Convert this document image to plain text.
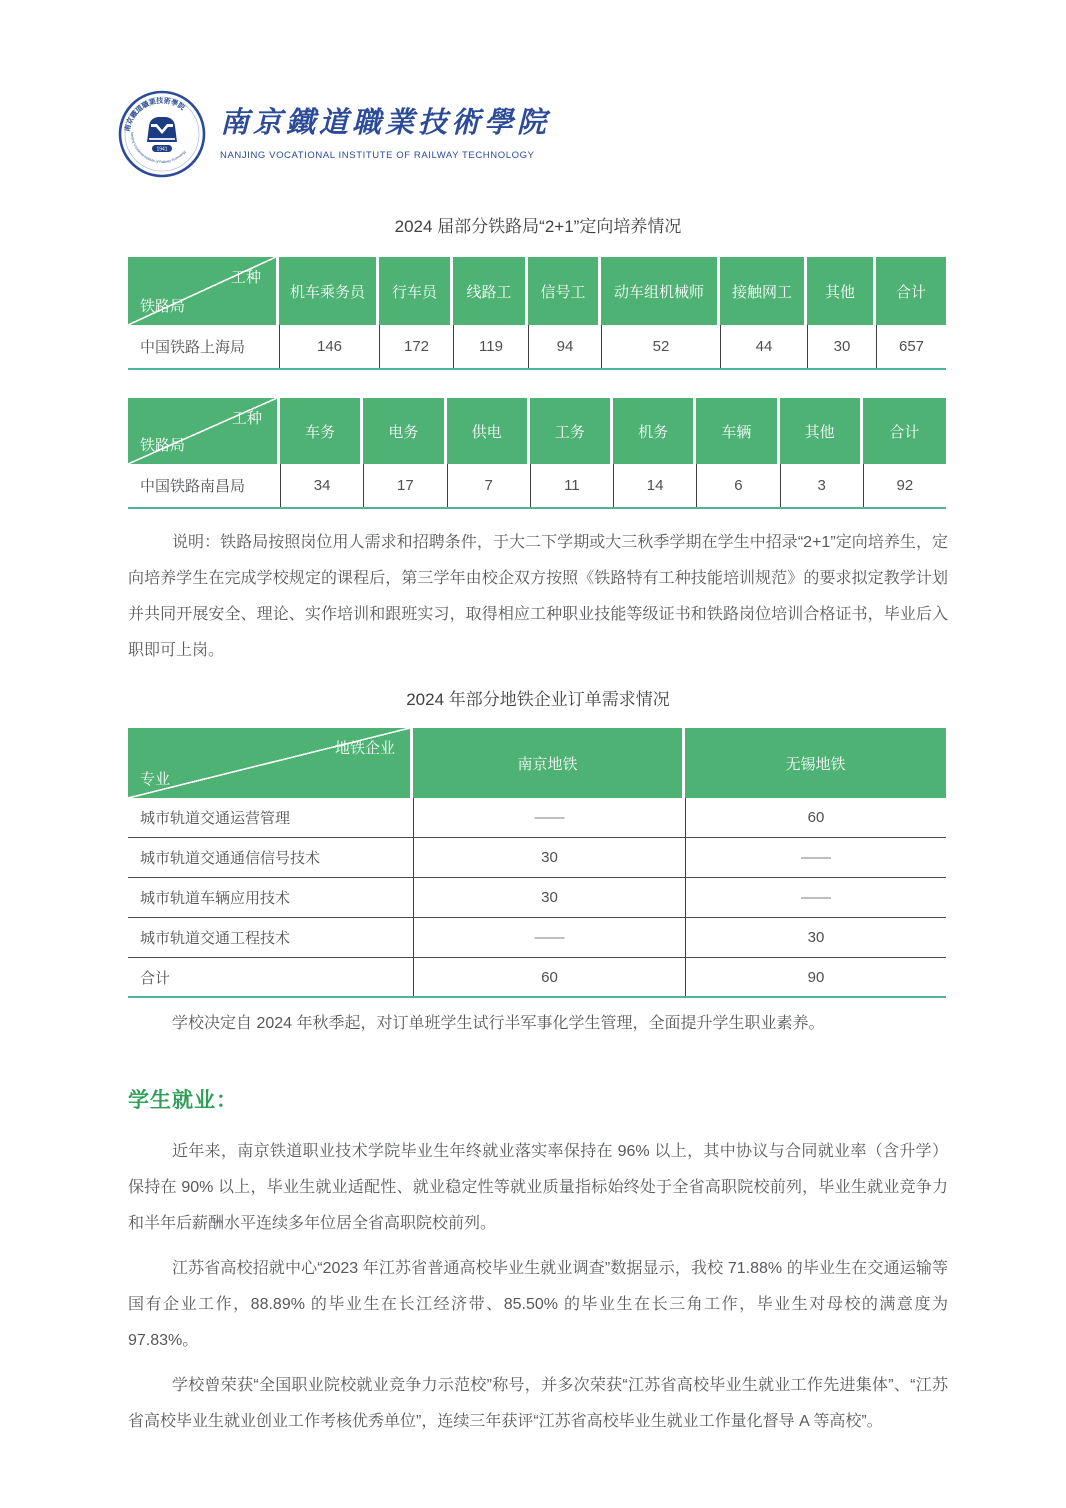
南京鐵道職業技術學院
Nanjing Vocational Institute of Railway Technology
1941
南京鐵道職業技術學院
NANJING VOCATIONAL INSTITUTE OF RAILWAY TECHNOLOGY
2024 届部分铁路局“2+1”定向培养情况
工种
铁路局
机车乘务员	行车员	线路工	信号工	动车组机械师	接触网工	其他	合计
中国铁路上海局	146	172	119	94	52	44	30	657
工种
铁路局
车务	电务	供电	工务	机务	车辆	其他	合计
中国铁路南昌局	34	17	7	11	14	6	3	92

说明：铁路局按照岗位用人需求和招聘条件，于大二下学期或大三秋季学期在学生中招录“2+1”定向培养生，定向培养学生在完成学校规定的课程后，第三学年由校企双方按照《铁路特有工种技能培训规范》的要求拟定教学计划并共同开展安全、理论、实作培训和跟班实习，取得相应工种职业技能等级证书和铁路岗位培训合格证书，毕业后入职即可上岗。

2024 年部分地铁企业订单需求情况
地铁企业
专业
南京地铁	无锡地铁
城市轨道交通运营管理	——	60
城市轨道交通通信信号技术	30	——
城市轨道车辆应用技术	30	——
城市轨道交通工程技术	——	30
合计	60	90

学校决定自 2024 年秋季起，对订单班学生试行半军事化学生管理，全面提升学生职业素养。

学生就业：

近年来，南京铁道职业技术学院毕业生年终就业落实率保持在 96% 以上，其中协议与合同就业率（含升学）保持在 90% 以上，毕业生就业适配性、就业稳定性等就业质量指标始终处于全省高职院校前列，毕业生就业竞争力和半年后薪酬水平连续多年位居全省高职院校前列。

江苏省高校招就中心“2023 年江苏省普通高校毕业生就业调查”数据显示，我校 71.88% 的毕业生在交通运输等国有企业工作，88.89% 的毕业生在长江经济带、85.50% 的毕业生在长三角工作，毕业生对母校的满意度为 97.83%。

学校曾荣获“全国职业院校就业竞争力示范校”称号，并多次荣获“江苏省高校毕业生就业工作先进集体”、“江苏省高校毕业生就业创业工作考核优秀单位”，连续三年获评“江苏省高校毕业生就业工作量化督导 A 等高校”。
